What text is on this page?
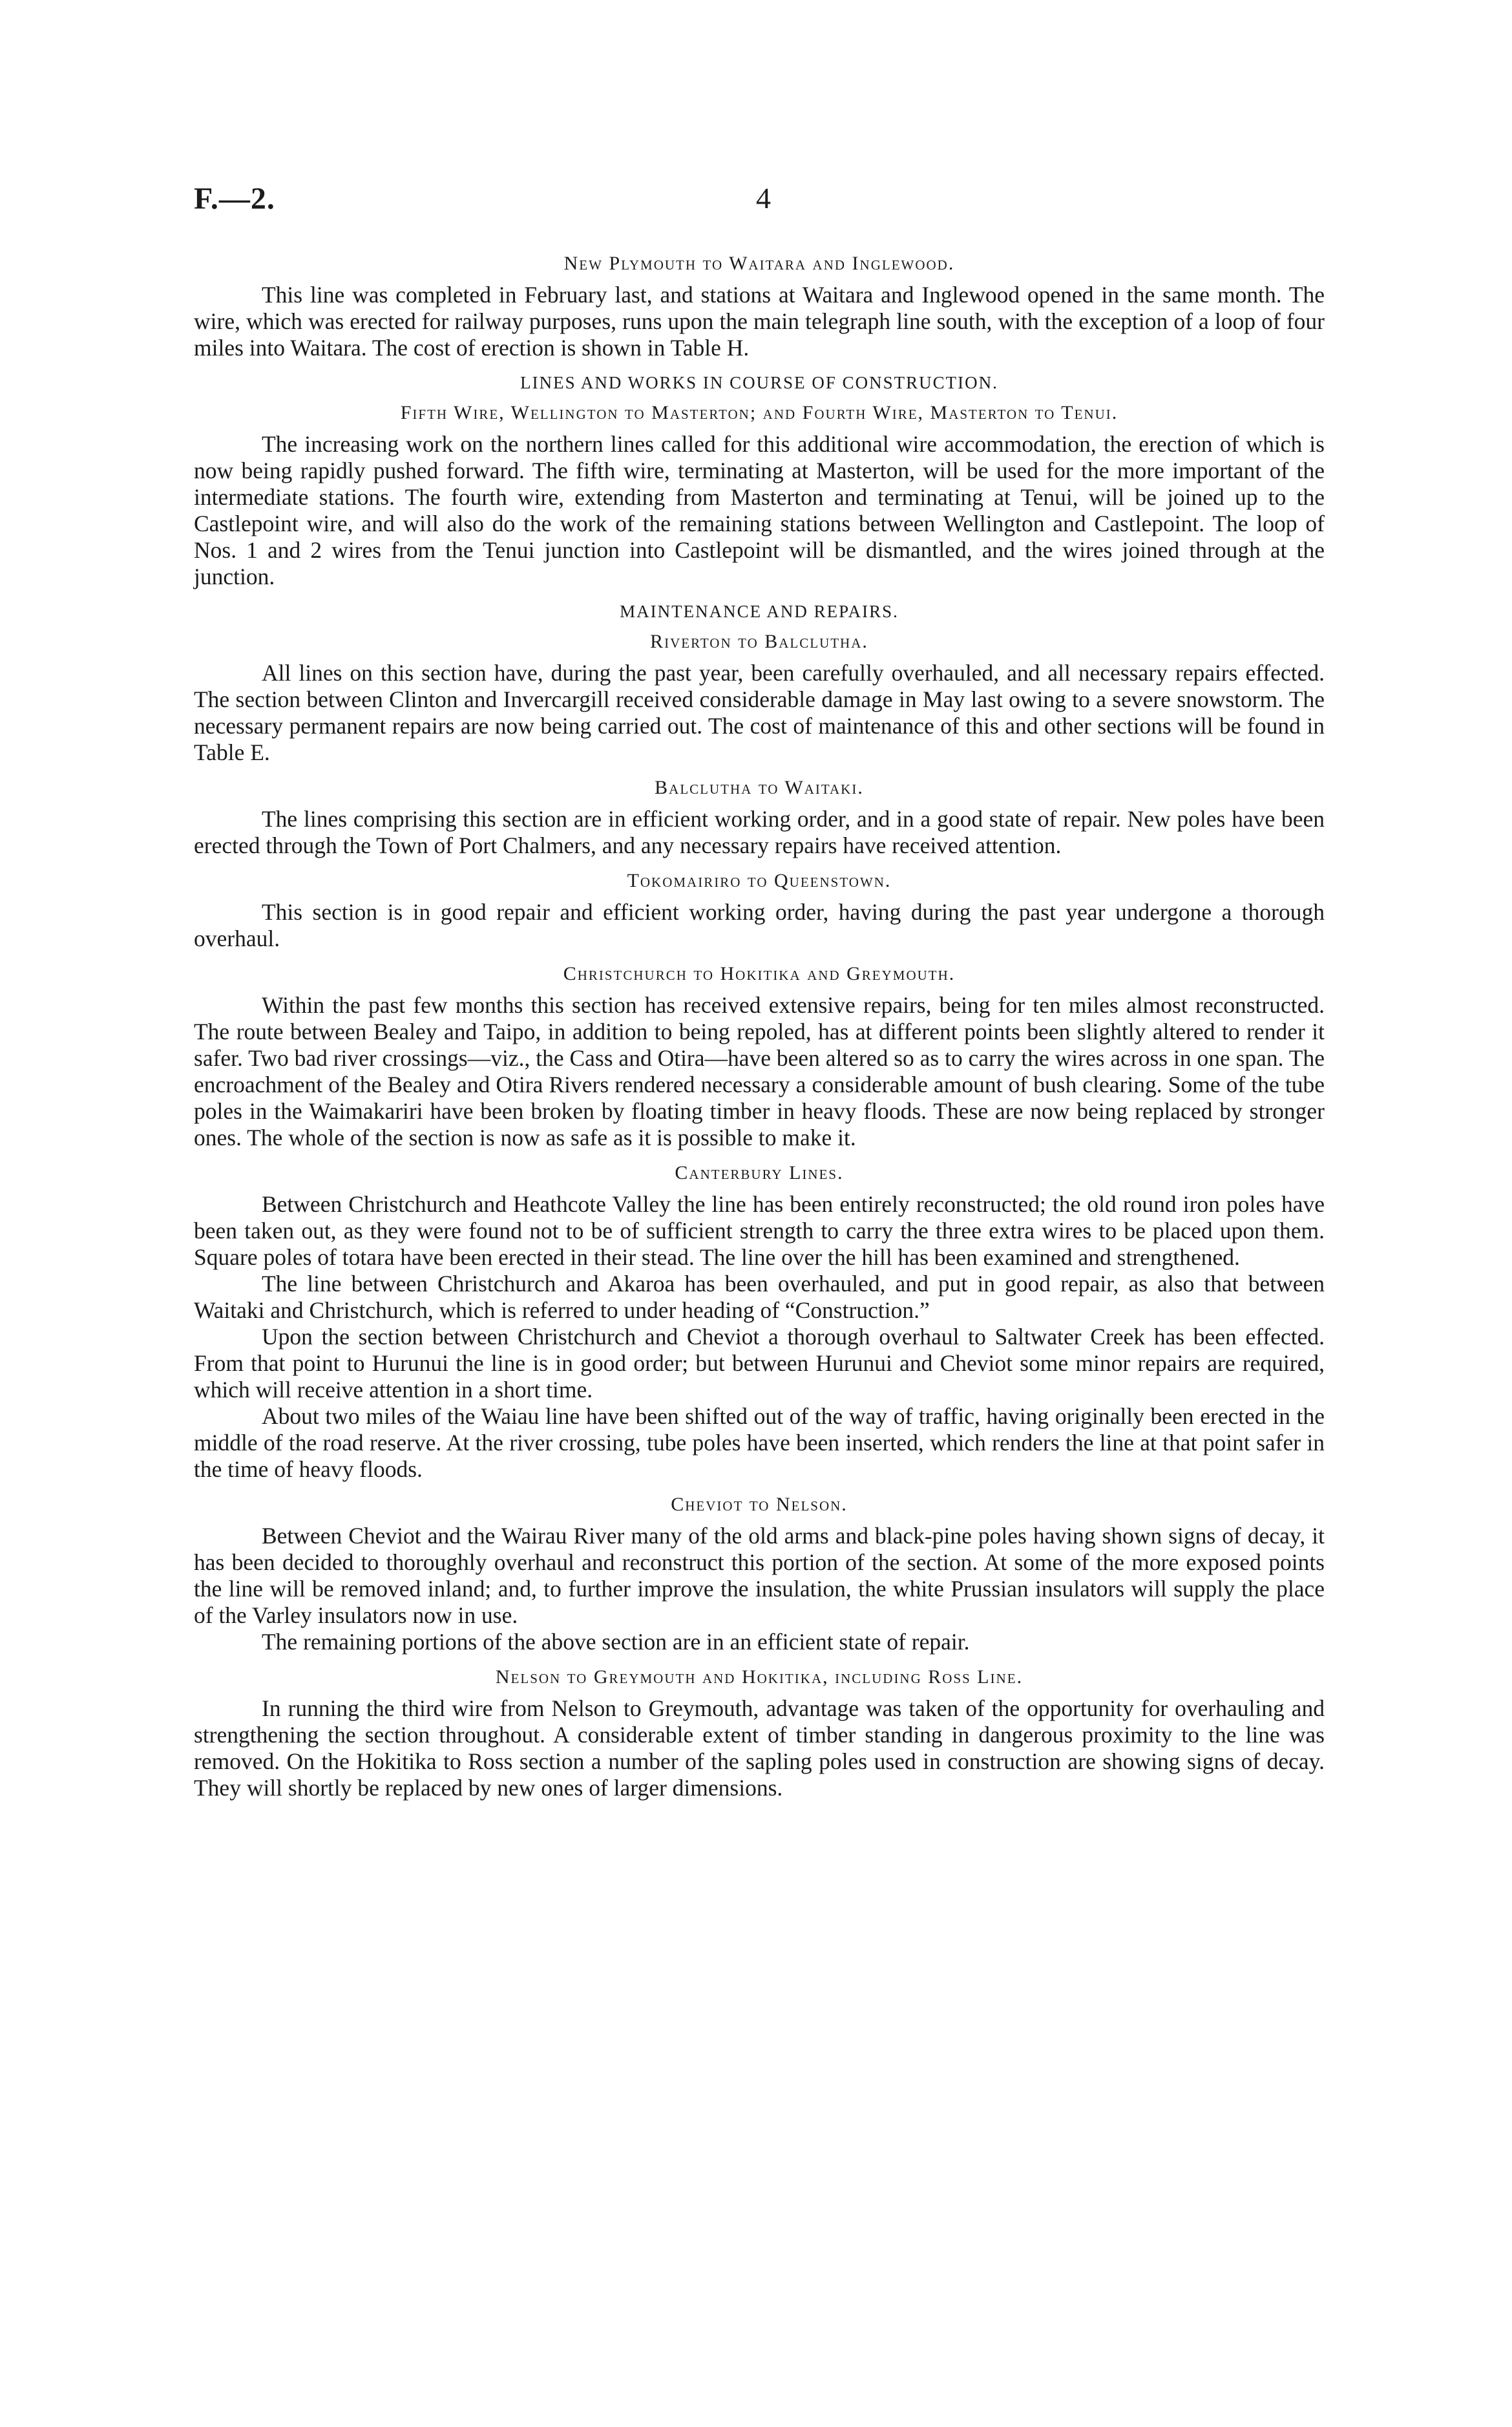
F.—2.	4
New Plymouth to Waitara and Inglewood.

This line was completed in February last, and stations at Waitara and Inglewood opened in the same month. The wire, which was erected for railway purposes, runs upon the main telegraph line south, with the exception of a loop of four miles into Waitara. The cost of erection is shown in Table H.

LINES AND WORKS IN COURSE OF CONSTRUCTION.
Fifth Wire, Wellington to Masterton; and Fourth Wire, Masterton to Tenui.

The increasing work on the northern lines called for this additional wire accommodation, the erection of which is now being rapidly pushed forward. The fifth wire, terminating at Masterton, will be used for the more important of the intermediate stations. The fourth wire, extending from Masterton and terminating at Tenui, will be joined up to the Castlepoint wire, and will also do the work of the remaining stations between Wellington and Castlepoint. The loop of Nos. 1 and 2 wires from the Tenui junction into Castlepoint will be dismantled, and the wires joined through at the junction.

MAINTENANCE AND REPAIRS.
Riverton to Balclutha.

All lines on this section have, during the past year, been carefully overhauled, and all necessary repairs effected. The section between Clinton and Invercargill received considerable damage in May last owing to a severe snowstorm. The necessary permanent repairs are now being carried out. The cost of maintenance of this and other sections will be found in Table E.

Balclutha to Waitaki.

The lines comprising this section are in efficient working order, and in a good state of repair. New poles have been erected through the Town of Port Chalmers, and any necessary repairs have received attention.

Tokomairiro to Queenstown.

This section is in good repair and efficient working order, having during the past year undergone a thorough overhaul.

Christchurch to Hokitika and Greymouth.

Within the past few months this section has received extensive repairs, being for ten miles almost reconstructed. The route between Bealey and Taipo, in addition to being repoled, has at different points been slightly altered to render it safer. Two bad river crossings—viz., the Cass and Otira—have been altered so as to carry the wires across in one span. The encroachment of the Bealey and Otira Rivers rendered necessary a considerable amount of bush clearing. Some of the tube poles in the Waimakariri have been broken by floating timber in heavy floods. These are now being replaced by stronger ones. The whole of the section is now as safe as it is possible to make it.

Canterbury Lines.

Between Christchurch and Heathcote Valley the line has been entirely reconstructed; the old round iron poles have been taken out, as they were found not to be of sufficient strength to carry the three extra wires to be placed upon them. Square poles of totara have been erected in their stead. The line over the hill has been examined and strengthened.

The line between Christchurch and Akaroa has been overhauled, and put in good repair, as also that between Waitaki and Christchurch, which is referred to under heading of “Construction.”

Upon the section between Christchurch and Cheviot a thorough overhaul to Saltwater Creek has been effected. From that point to Hurunui the line is in good order; but between Hurunui and Cheviot some minor repairs are required, which will receive attention in a short time.

About two miles of the Waiau line have been shifted out of the way of traffic, having originally been erected in the middle of the road reserve. At the river crossing, tube poles have been inserted, which renders the line at that point safer in the time of heavy floods.

Cheviot to Nelson.

Between Cheviot and the Wairau River many of the old arms and black-pine poles having shown signs of decay, it has been decided to thoroughly overhaul and reconstruct this portion of the section. At some of the more exposed points the line will be removed inland; and, to further improve the insulation, the white Prussian insulators will supply the place of the Varley insulators now in use.

The remaining portions of the above section are in an efficient state of repair.

Nelson to Greymouth and Hokitika, including Ross Line.

In running the third wire from Nelson to Greymouth, advantage was taken of the opportunity for overhauling and strengthening the section throughout. A considerable extent of timber standing in dangerous proximity to the line was removed. On the Hokitika to Ross section a number of the sapling poles used in construction are showing signs of decay. They will shortly be replaced by new ones of larger dimensions.
